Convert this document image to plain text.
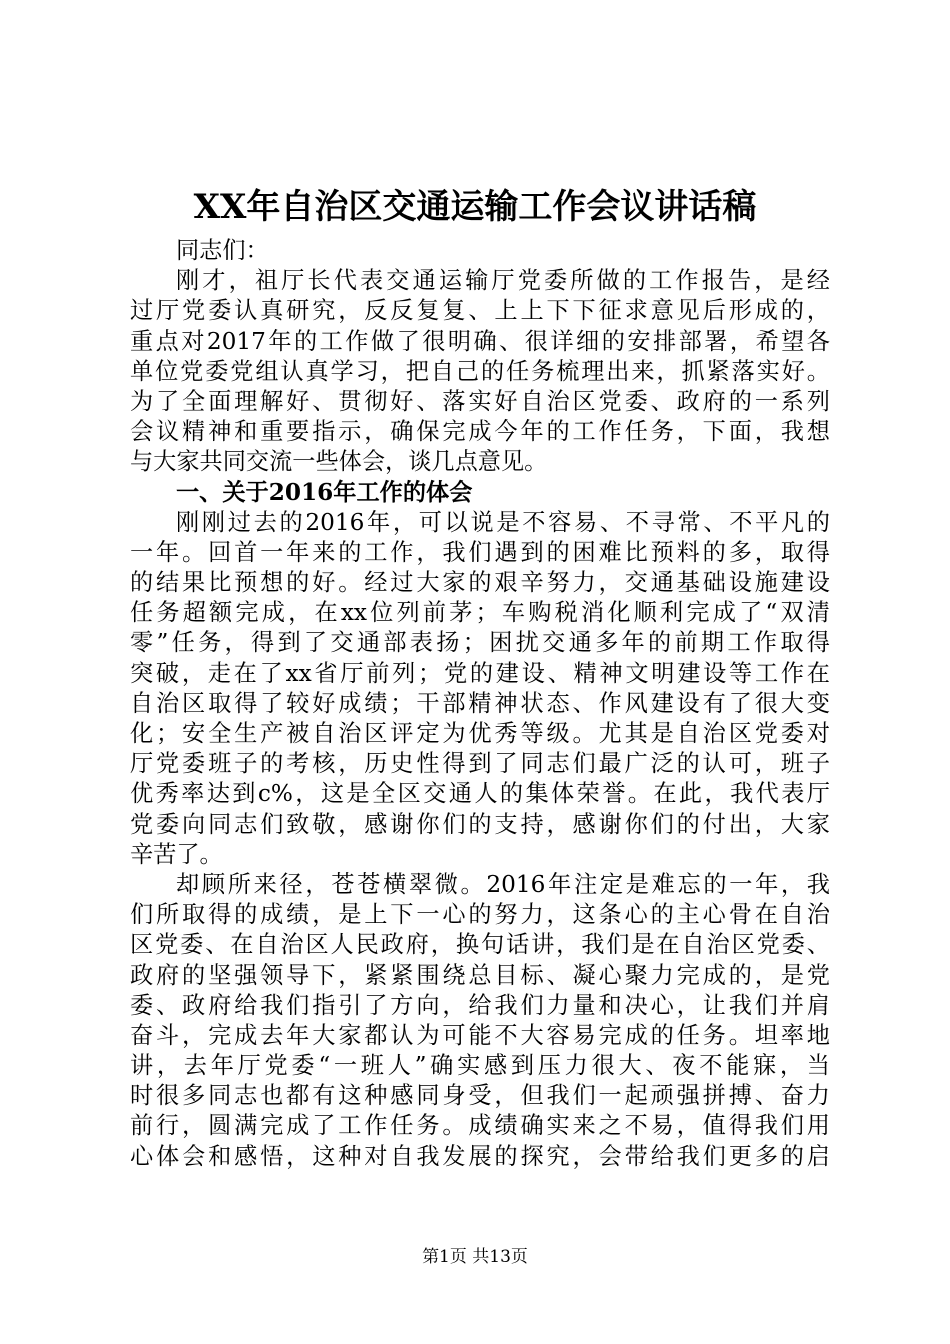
XX年自治区交通运输工作会议讲话稿
同志们：
刚才，祖厅长代表交通运输厅党委所做的工作报告，是经
过厅党委认真研究，反反复复、上上下下征求意见后形成的，
重点对2017年的工作做了很明确、很详细的安排部署，希望各
单位党委党组认真学习，把自己的任务梳理出来，抓紧落实好。
为了全面理解好、贯彻好、落实好自治区党委、政府的一系列
会议精神和重要指示，确保完成今年的工作任务，下面，我想
与大家共同交流一些体会，谈几点意见。
一、关于2016年工作的体会
刚刚过去的2016年，可以说是不容易、不寻常、不平凡的
一年。回首一年来的工作，我们遇到的困难比预料的多，取得
的结果比预想的好。经过大家的艰辛努力，交通基础设施建设
任务超额完成，在xx位列前茅；车购税消化顺利完成了“双清
零”任务，得到了交通部表扬；困扰交通多年的前期工作取得
突破，走在了xx省厅前列；党的建设、精神文明建设等工作在
自治区取得了较好成绩；干部精神状态、作风建设有了很大变
化；安全生产被自治区评定为优秀等级。尤其是自治区党委对
厅党委班子的考核，历史性得到了同志们最广泛的认可，班子
优秀率达到c%，这是全区交通人的集体荣誉。在此，我代表厅
党委向同志们致敬，感谢你们的支持，感谢你们的付出，大家
辛苦了。
却顾所来径，苍苍横翠微。2016年注定是难忘的一年，我
们所取得的成绩，是上下一心的努力，这条心的主心骨在自治
区党委、在自治区人民政府，换句话讲，我们是在自治区党委、
政府的坚强领导下，紧紧围绕总目标、凝心聚力完成的，是党
委、政府给我们指引了方向，给我们力量和决心，让我们并肩
奋斗，完成去年大家都认为可能不大容易完成的任务。坦率地
讲，去年厅党委“一班人”确实感到压力很大、夜不能寐，当
时很多同志也都有这种感同身受，但我们一起顽强拼搏、奋力
前行，圆满完成了工作任务。成绩确实来之不易，值得我们用
心体会和感悟，这种对自我发展的探究，会带给我们更多的启
第1页 共13页
